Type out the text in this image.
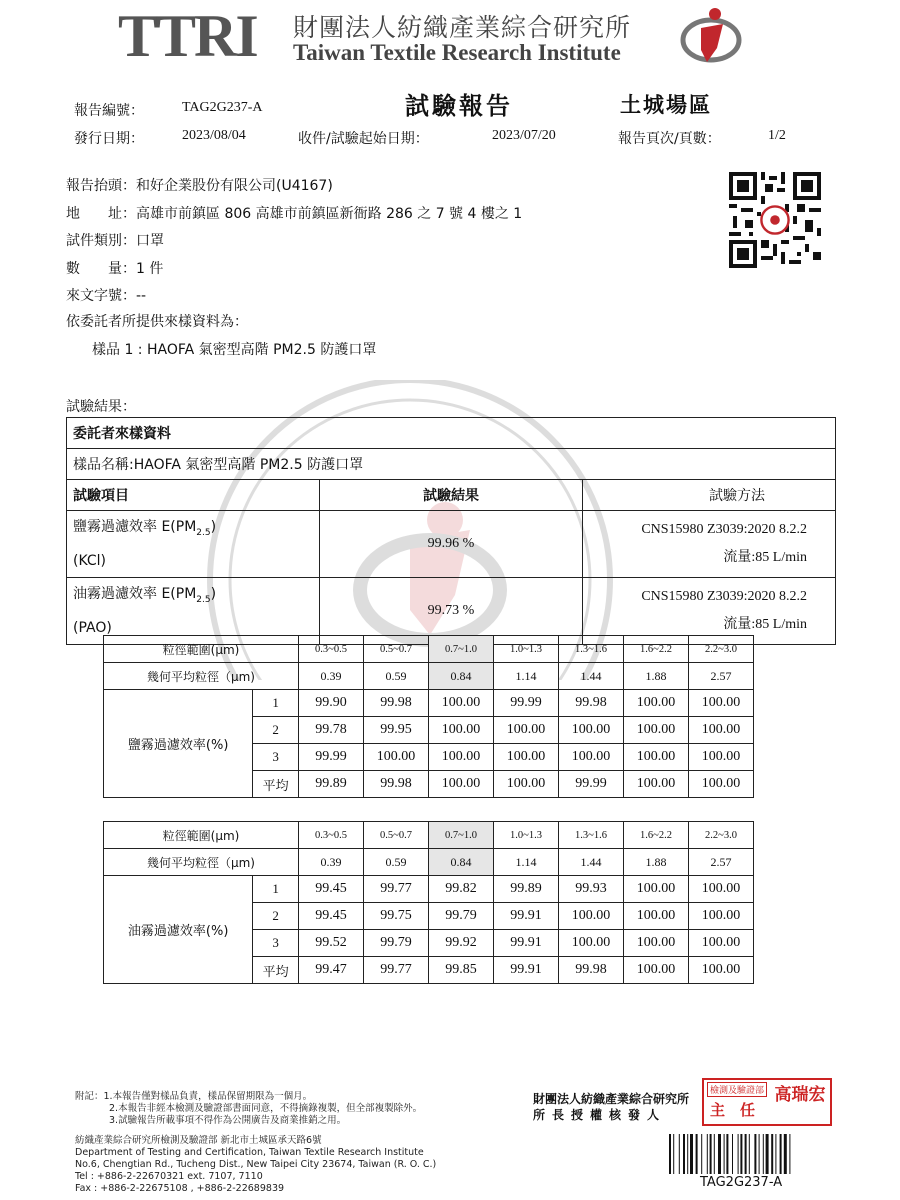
TTRI 財團法人紡織產業綜合研究所
Taiwan Textile Research Institute
報告編號：	TAG2G237-A	試驗報告	土城場區
發行日期：	2023/08/04	收件/試驗起始日期：	2023/07/20	報告頁次/頁數：	1/2
報告抬頭：和好企業股份有限公司(U4167)
地　　址：高雄市前鎮區 806 高雄市前鎮區新衙路 286 之 7 號 4 樓之 1
試件類別：口罩
數　　量：1 件
來文字號：--
依委託者所提供來樣資料為：
樣品 1 : HAOFA 氣密型高階 PM2.5 防護口罩
試驗結果：
委託者來樣資料		
樣品名稱:HAOFA 氣密型高階 PM2.5 防護口罩		
試驗項目	試驗結果	試驗方法
鹽霧過濾效率 $E(PM_{2.5})$
(KCl)	99.96 %	CNS15980 Z3039:2020 8.2.2
流量:85 L/min
油霧過濾效率 $E(PM_{2.5})$
(PAO)	99.73 %	CNS15980 Z3039:2020 8.2.2
流量:85 L/min
粒徑範圍(μm)		0.3~0.5	0.5~0.7	0.7~1.0	1.0~1.3	1.3~1.6	1.6~2.2	2.2~3.0
幾何平均粒徑（μm)		0.39	0.59	0.84	1.14	1.44	1.88	2.57
鹽霧過濾效率(%)	1	99.90	99.98	100.00	99.99	99.98	100.00	100.00
	2	99.78	99.95	100.00	100.00	100.00	100.00	100.00
	3	99.99	100.00	100.00	100.00	100.00	100.00	100.00
	平均	99.89	99.98	100.00	100.00	99.99	100.00	100.00
粒徑範圍(μm)		0.3~0.5	0.5~0.7	0.7~1.0	1.0~1.3	1.3~1.6	1.6~2.2	2.2~3.0
幾何平均粒徑（μm)		0.39	0.59	0.84	1.14	1.44	1.88	2.57
油霧過濾效率(%)	1	99.45	99.77	99.82	99.89	99.93	100.00	100.00
	2	99.45	99.75	99.79	99.91	100.00	100.00	100.00
	3	99.52	99.79	99.92	99.91	100.00	100.00	100.00
	平均	99.47	99.77	99.85	99.91	99.98	100.00	100.00
附記：1.本報告僅對樣品負責，樣品保留期限為一個月。
2.本報告非經本檢測及驗證部書面同意，不得摘錄複製，但全部複製除外。
3.試驗報告所載事項不得作為公開廣告及商業推銷之用。
紡織產業綜合研究所檢測及驗證部 新北市土城區承天路6號
Department of Testing and Certification, Taiwan Textile Research Institute
No.6, Chengtian Rd., Tucheng Dist., New Taipei City 23674, Taiwan (R. O. C.)
Tel : +886-2-22670321 ext. 7107, 7110
Fax : +886-2-22675108 , +886-2-22689839
財團法人紡織產業綜合研究所
所長授權核發人
檢測及驗證部
主　任
高瑞宏
TAG2G237-A
